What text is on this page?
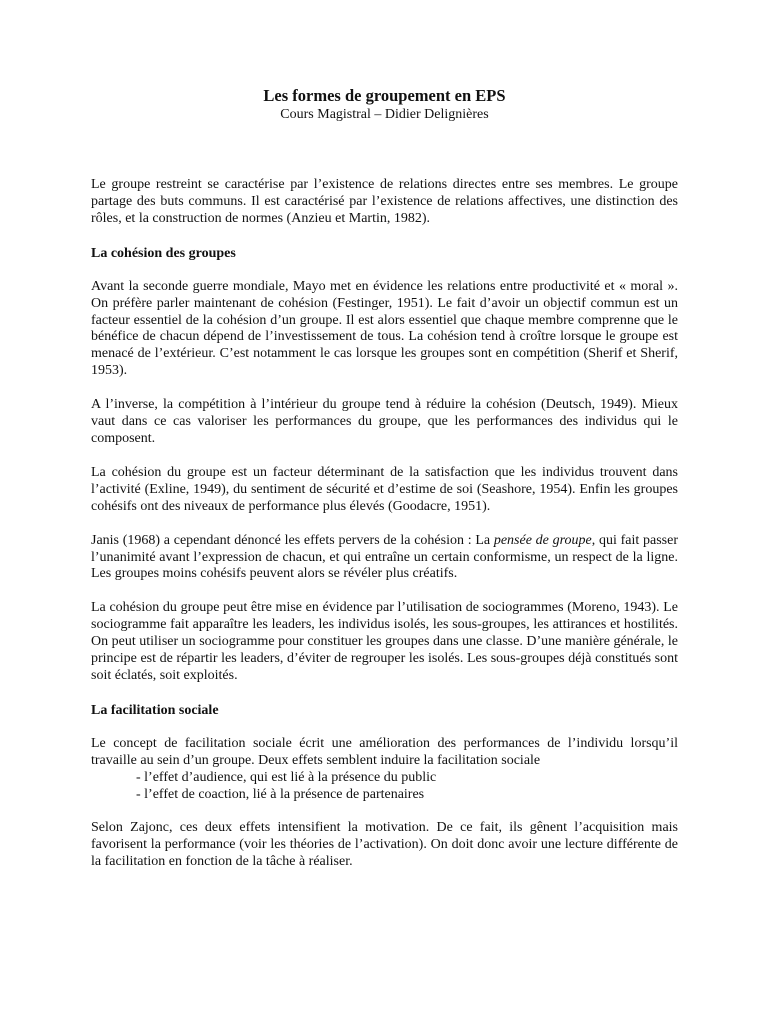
Les formes de groupement en EPS
Cours Magistral – Didier Delignières

Le groupe restreint se caractérise par l’existence de relations directes entre ses membres. Le groupe partage des buts communs. Il est caractérisé par l’existence de relations affectives, une distinction des rôles, et la construction de normes (Anzieu et Martin, 1982).

La cohésion des groupes

Avant la seconde guerre mondiale, Mayo met en évidence les relations entre productivité et « moral ». On préfère parler maintenant de cohésion (Festinger, 1951). Le fait d’avoir un objectif commun est un facteur essentiel de la cohésion d’un groupe. Il est alors essentiel que chaque membre comprenne que le bénéfice de chacun dépend de l’investissement de tous. La cohésion tend à croître lorsque le groupe est menacé de l’extérieur. C’est notamment le cas lorsque les groupes sont en compétition (Sherif et Sherif, 1953).

A l’inverse, la compétition à l’intérieur du groupe tend à réduire la cohésion (Deutsch, 1949). Mieux vaut dans ce cas valoriser les performances du groupe, que les performances des individus qui le composent.

La cohésion du groupe est un facteur déterminant de la satisfaction que les individus trouvent dans l’activité (Exline, 1949), du sentiment de sécurité et d’estime de soi (Seashore, 1954). Enfin les groupes cohésifs ont des niveaux de performance plus élevés (Goodacre, 1951).

Janis (1968) a cependant dénoncé les effets pervers de la cohésion : La pensée de groupe, qui fait passer l’unanimité avant l’expression de chacun, et qui entraîne un certain conformisme, un respect de la ligne. Les groupes moins cohésifs peuvent alors se révéler plus créatifs.

La cohésion du groupe peut être mise en évidence par l’utilisation de sociogrammes (Moreno, 1943). Le sociogramme fait apparaître les leaders, les individus isolés, les sous-groupes, les attirances et hostilités. On peut utiliser un sociogramme pour constituer les groupes dans une classe. D’une manière générale, le principe est de répartir les leaders, d’éviter de regrouper les isolés. Les sous-groupes déjà constitués sont soit éclatés, soit exploités.

La facilitation sociale

Le concept de facilitation sociale écrit une amélioration des performances de l’individu lorsqu’il travaille au sein d’un groupe. Deux effets semblent induire la facilitation sociale

- l’effet d’audience, qui est lié à la présence du public
- l’effet de coaction, lié à la présence de partenaires

Selon Zajonc, ces deux effets intensifient la motivation. De ce fait, ils gênent l’acquisition mais favorisent la performance (voir les théories de l’activation). On doit donc avoir une lecture différente de la facilitation en fonction de la tâche à réaliser.
